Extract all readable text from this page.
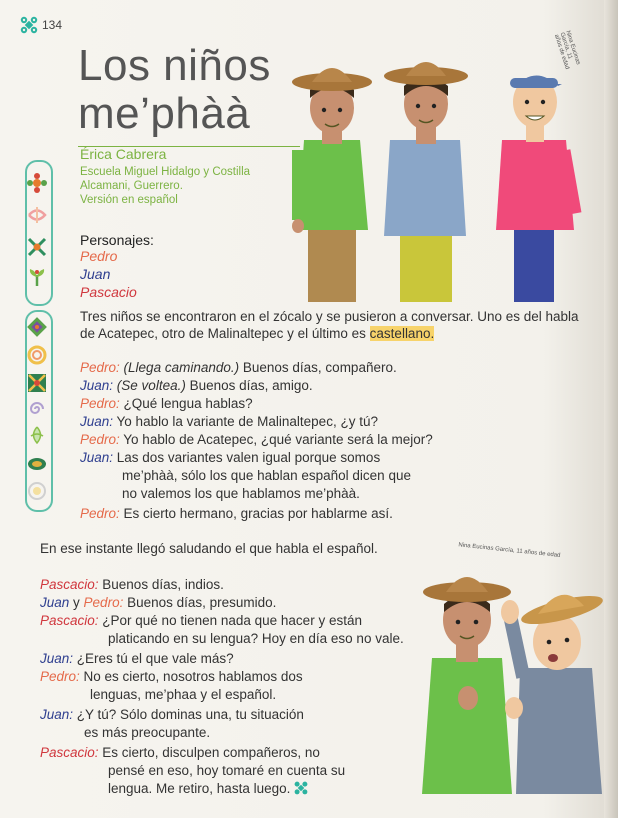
134
Los niños
me’phàà
Érica Cabrera
Escuela Miguel Hidalgo y Costilla
Alcamani, Guerrero.
Versión en español
Personajes:
Pedro
Juan
Pascacio
Nina Eucinas García, 11 años de edad
Tres niños se encontraron en el zócalo y se pusieron a conversar. Uno es del habla de Acatepec, otro de Malinaltepec y el último es castellano.
Pedro: (Llega caminando.) Buenos días, compañero.
Juan: (Se voltea.) Buenos días, amigo.
Pedro: ¿Qué lengua hablas?
Juan: Yo hablo la variante de Malinaltepec, ¿y tú?
Pedro: Yo hablo de Acatepec, ¿qué variante será la mejor?
Juan: Las dos variantes valen igual porque somos
me’phàà, sólo los que hablan español dicen que
no valemos los que hablamos me’phàà.
Pedro: Es cierto hermano, gracias por hablarme así.
En ese instante llegó saludando el que habla el español.
Pascacio: Buenos días, indios.
Juan y Pedro: Buenos días, presumido.
Pascacio: ¿Por qué no tienen nada que hacer y están
platicando en su lengua? Hoy en día eso no vale.
Juan: ¿Eres tú el que vale más?
Pedro: No es cierto, nosotros hablamos dos
lenguas, me’phaa y el español.
Juan: ¿Y tú? Sólo dominas una, tu situación
es más preocupante.
Pascacio: Es cierto, disculpen compañeros, no
pensé en eso, hoy tomaré en cuenta su
lengua. Me retiro, hasta luego.
Nina Eucinas García, 11 años de edad
